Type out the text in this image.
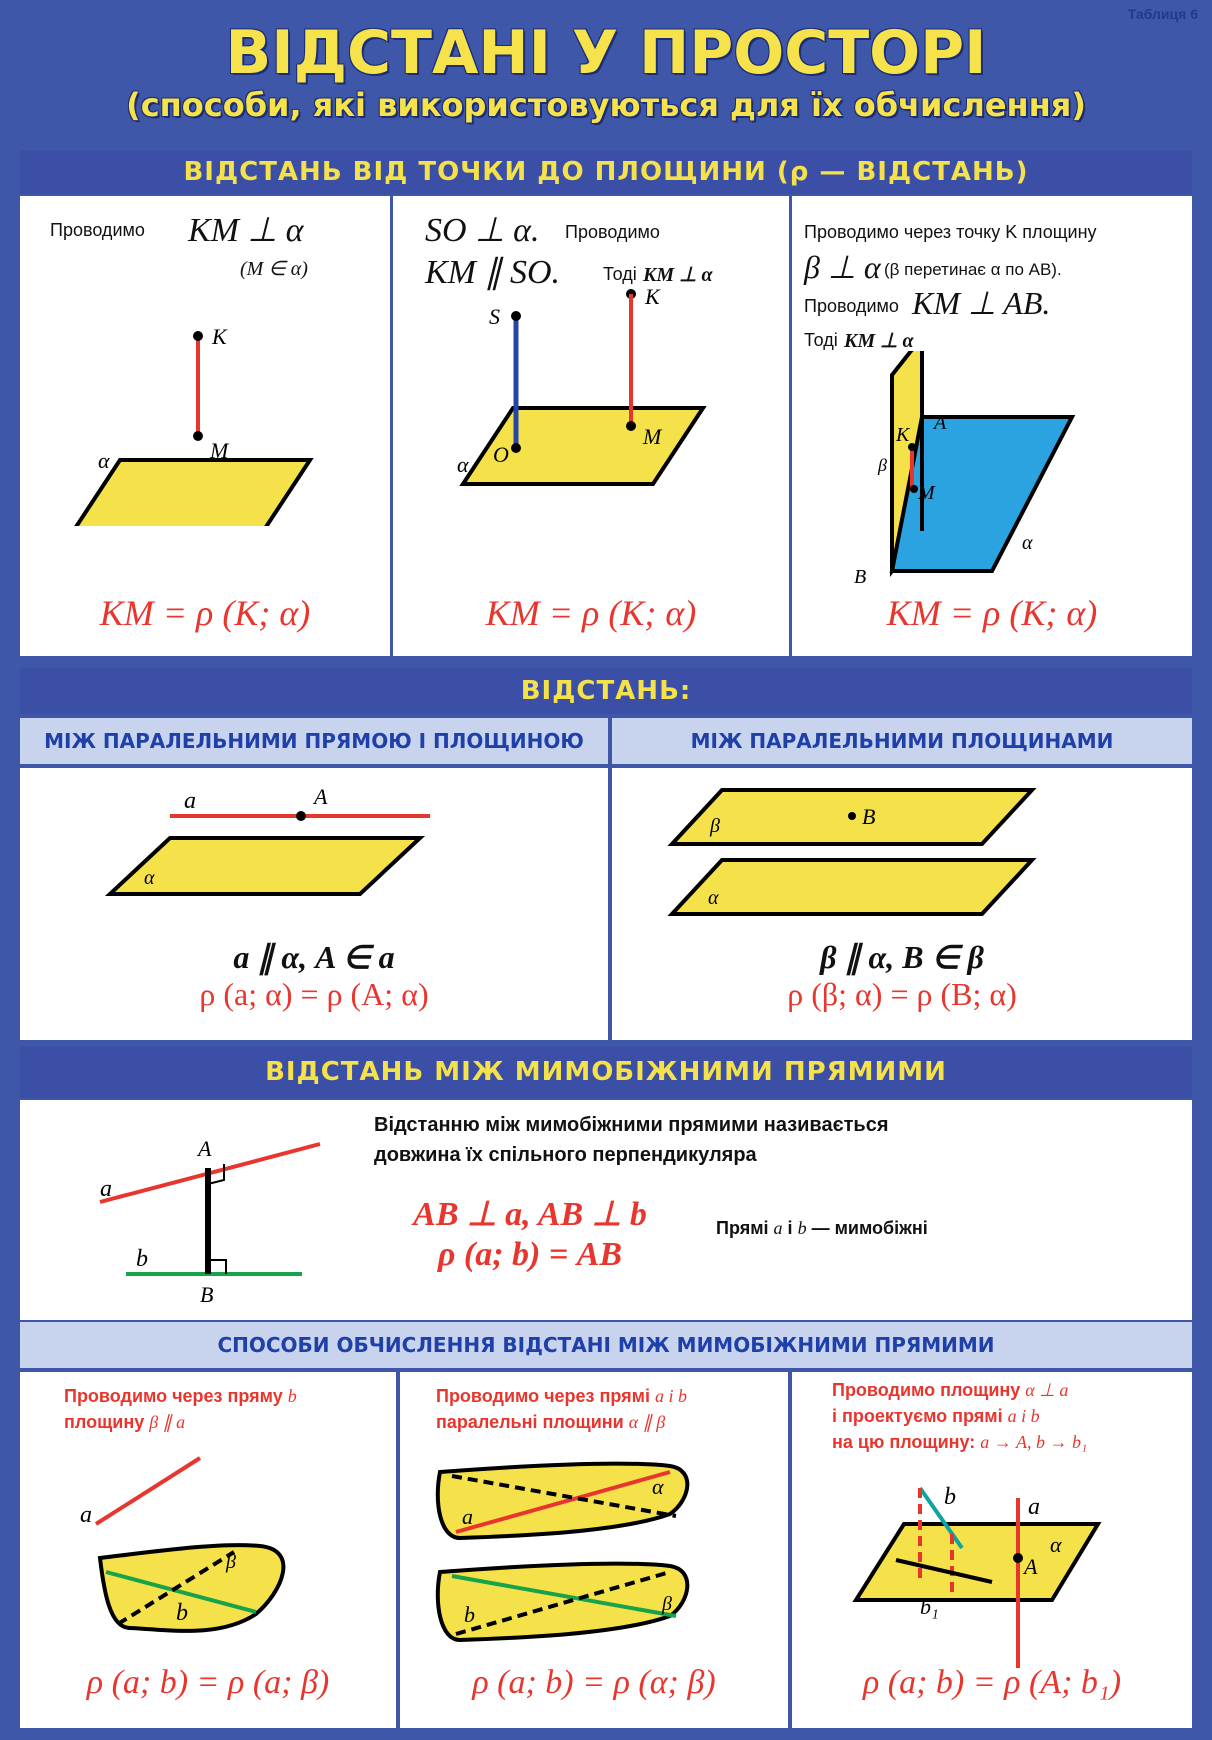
Таблиця 6
ВІДСТАНІ У ПРОСТОРІ
(способи, які використовуються для їх обчислення)
ВІДСТАНЬ ВІД ТОЧКИ ДО ПЛОЩИНИ (ρ — ВІДСТАНЬ)
Проводимо KM ⊥ α
(M ∈ α)
K
M
α
KM = ρ (K; α)
SO ⊥ α. Проводимо
KM ∥ SO. Тоді KM ⊥ α
S
K
O
M
α
KM = ρ (K; α)
Проводимо через точку K площину
β ⊥ α (β перетинає α по AB).
Проводимо KM ⊥ AB.
Тоді KM ⊥ α
K
A
β
M
α
B
KM = ρ (K; α)
ВІДСТАНЬ:
МІЖ ПАРАЛЕЛЬНИМИ ПРЯМОЮ І ПЛОЩИНОЮ	МІЖ ПАРАЛЕЛЬНИМИ ПЛОЩИНАМИ
a	A
α
a ∥ α, A ∈ a
ρ (a; α) = ρ (A; α)
β	B
α
β ∥ α, B ∈ β
ρ (β; α) = ρ (B; α)
ВІДСТАНЬ МІЖ МИМОБІЖНИМИ ПРЯМИМИ
A
a
b
B
Відстанню між мимобіжними прямими називається
довжина їх спільного перпендикуляра
AB ⊥ a, AB ⊥ b
ρ (a; b) = AB
Прямі a і b — мимобіжні
СПОСОБИ ОБЧИСЛЕННЯ ВІДСТАНІ МІЖ МИМОБІЖНИМИ ПРЯМИМИ
Проводимо через пряму b
площину β ∥ a
a
β
b
ρ (a; b) = ρ (a; β)
Проводимо через прямі a і b
паралельні площини α ∥ β
α
a
b	β
ρ (a; b) = ρ (α; β)
Проводимо площину α ⊥ a
і проектуємо прямі a і b
на цю площину: a → A, b → b₁
b	a
α
A
b₁
ρ (a; b) = ρ (A; b₁)
